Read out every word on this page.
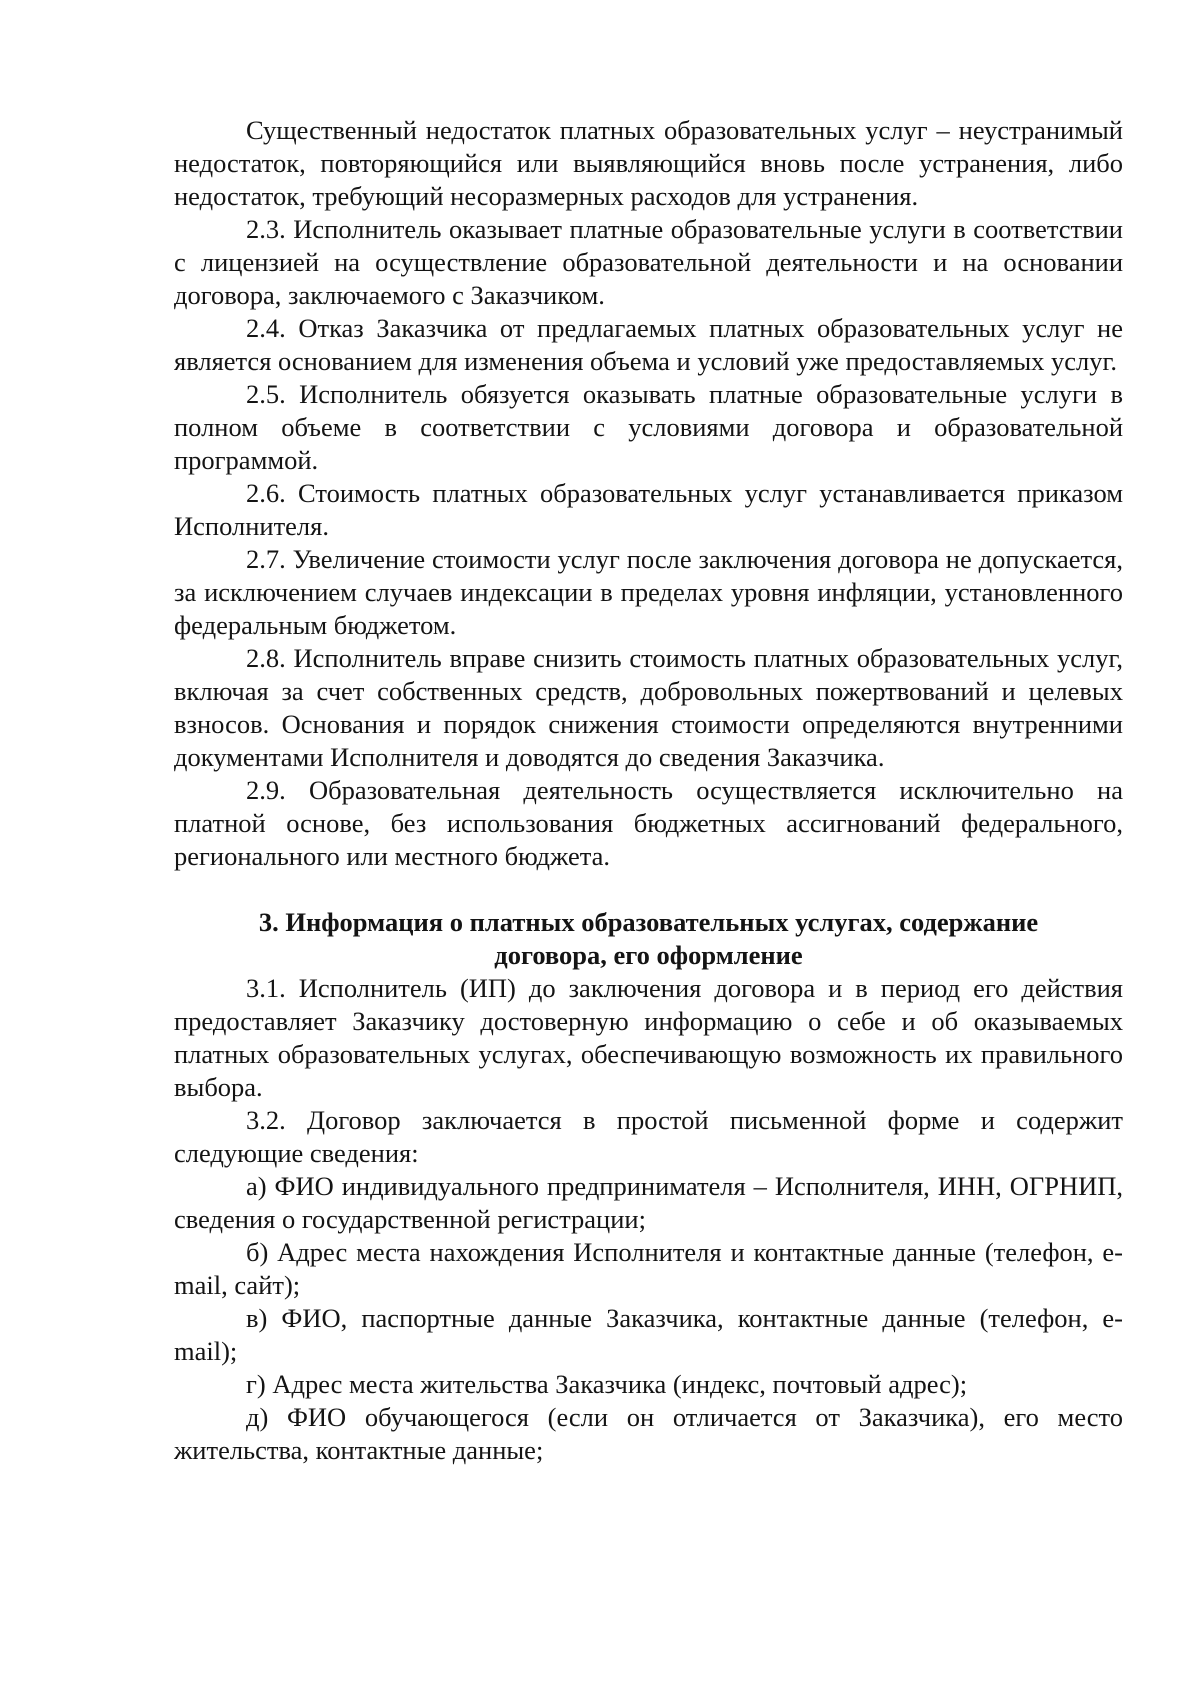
Существенный недостаток платных образовательных услуг – неустранимый недостаток, повторяющийся или выявляющийся вновь после устранения, либо недостаток, требующий несоразмерных расходов для устранения.

2.3. Исполнитель оказывает платные образовательные услуги в соответствии с лицензией на осуществление образовательной деятельности и на основании договора, заключаемого с Заказчиком.

2.4. Отказ Заказчика от предлагаемых платных образовательных услуг не является основанием для изменения объема и условий уже предоставляемых услуг.

2.5. Исполнитель обязуется оказывать платные образовательные услуги в полном объеме в соответствии с условиями договора и образовательной программой.

2.6. Стоимость платных образовательных услуг устанавливается приказом Исполнителя.

2.7. Увеличение стоимости услуг после заключения договора не допускается, за исключением случаев индексации в пределах уровня инфляции, установленного федеральным бюджетом.

2.8. Исполнитель вправе снизить стоимость платных образовательных услуг, включая за счет собственных средств, добровольных пожертвований и целевых взносов. Основания и порядок снижения стоимости определяются внутренними документами Исполнителя и доводятся до сведения Заказчика.

2.9. Образовательная деятельность осуществляется исключительно на платной основе, без использования бюджетных ассигнований федерального, регионального или местного бюджета.

3. Информация о платных образовательных услугах, содержание
договора, его оформление

3.1. Исполнитель (ИП) до заключения договора и в период его действия предоставляет Заказчику достоверную информацию о себе и об оказываемых платных образовательных услугах, обеспечивающую возможность их правильного выбора.

3.2. Договор заключается в простой письменной форме и содержит следующие сведения:

а) ФИО индивидуального предпринимателя – Исполнителя, ИНН, ОГРНИП, сведения о государственной регистрации;

б) Адрес места нахождения Исполнителя и контактные данные (телефон, e-mail, сайт);

в) ФИО, паспортные данные Заказчика, контактные данные (телефон, e-mail);

г) Адрес места жительства Заказчика (индекс, почтовый адрес);

д) ФИО обучающегося (если он отличается от Заказчика), его место жительства, контактные данные;
